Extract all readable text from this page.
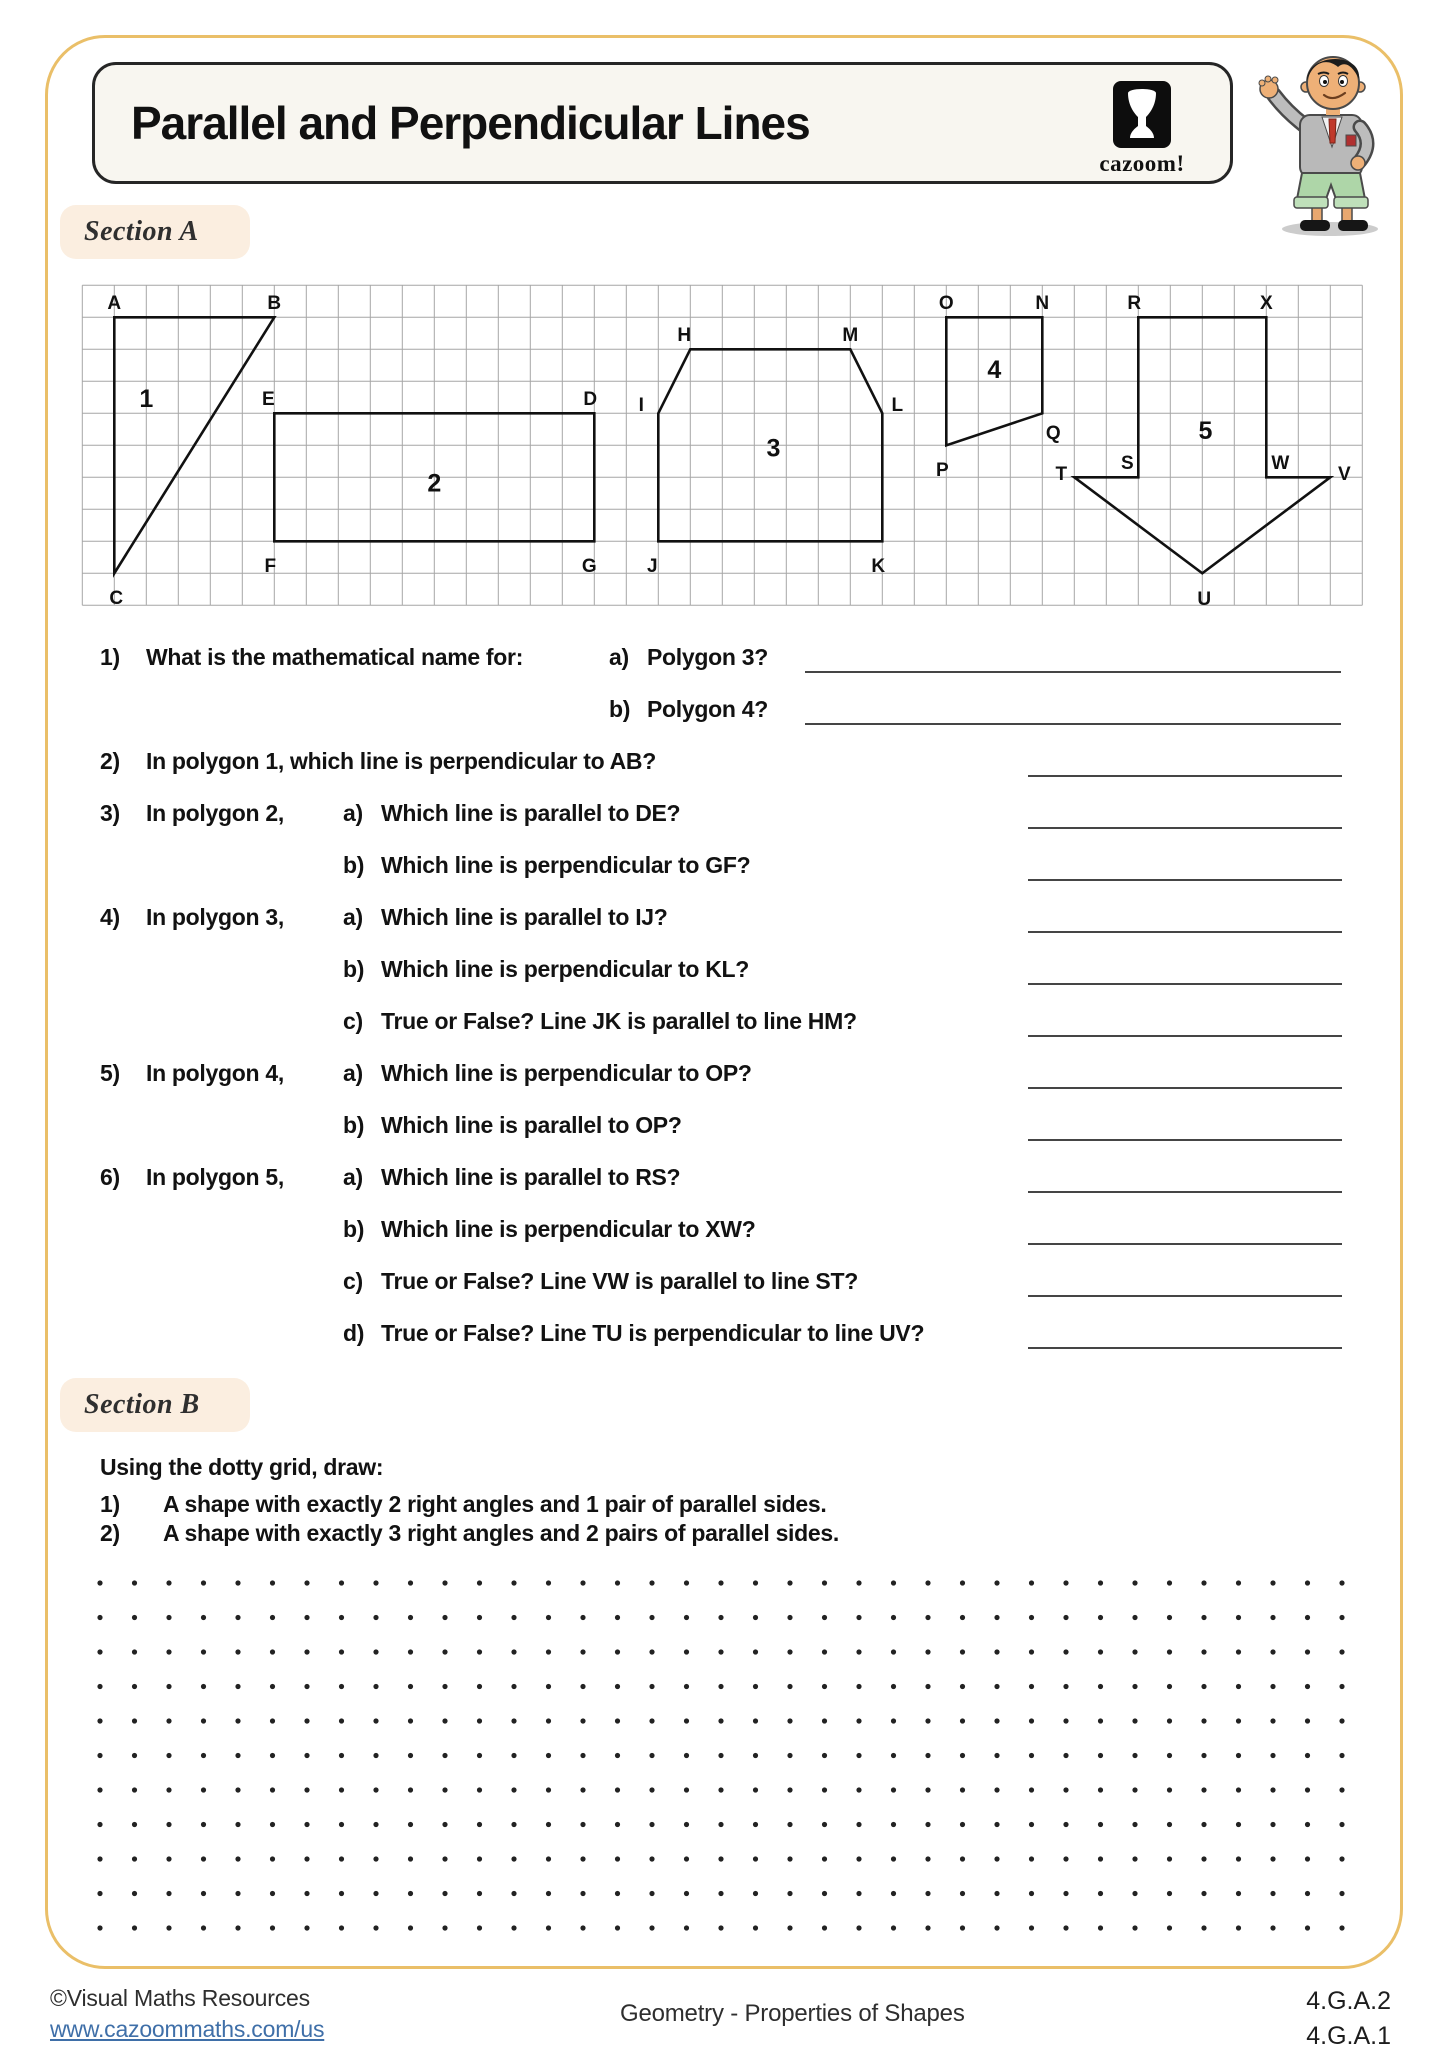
Parallel and Perpendicular Lines
cazoom!
Section A
A	B
C
1	E	D
G
F
2
I
H	M
L
K
J
3
O	N
Q
P
4
R	X
W
V
U
T
S
5
1) What is the mathematical name for:	a) Polygon 3?
b) Polygon 4?
2) In polygon 1, which line is perpendicular to AB?
3) In polygon 2,	a) Which line is parallel to DE?
b) Which line is perpendicular to GF?
4) In polygon 3,	a) Which line is parallel to IJ?
b) Which line is perpendicular to KL?
c) True or False? Line JK is parallel to line HM?
5) In polygon 4,	a) Which line is perpendicular to OP?
b) Which line is parallel to OP?
6) In polygon 5,	a) Which line is parallel to RS?
b) Which line is perpendicular to XW?
c) True or False? Line VW is parallel to line ST?
d) True or False? Line TU is perpendicular to line UV?
Section B
Using the dotty grid, draw:
1) A shape with exactly 2 right angles and 1 pair of parallel sides.
2) A shape with exactly 3 right angles and 2 pairs of parallel sides.
©Visual Maths Resources
www.cazoommaths.com/us
Geometry - Properties of Shapes	4.G.A.2
4.G.A.1
